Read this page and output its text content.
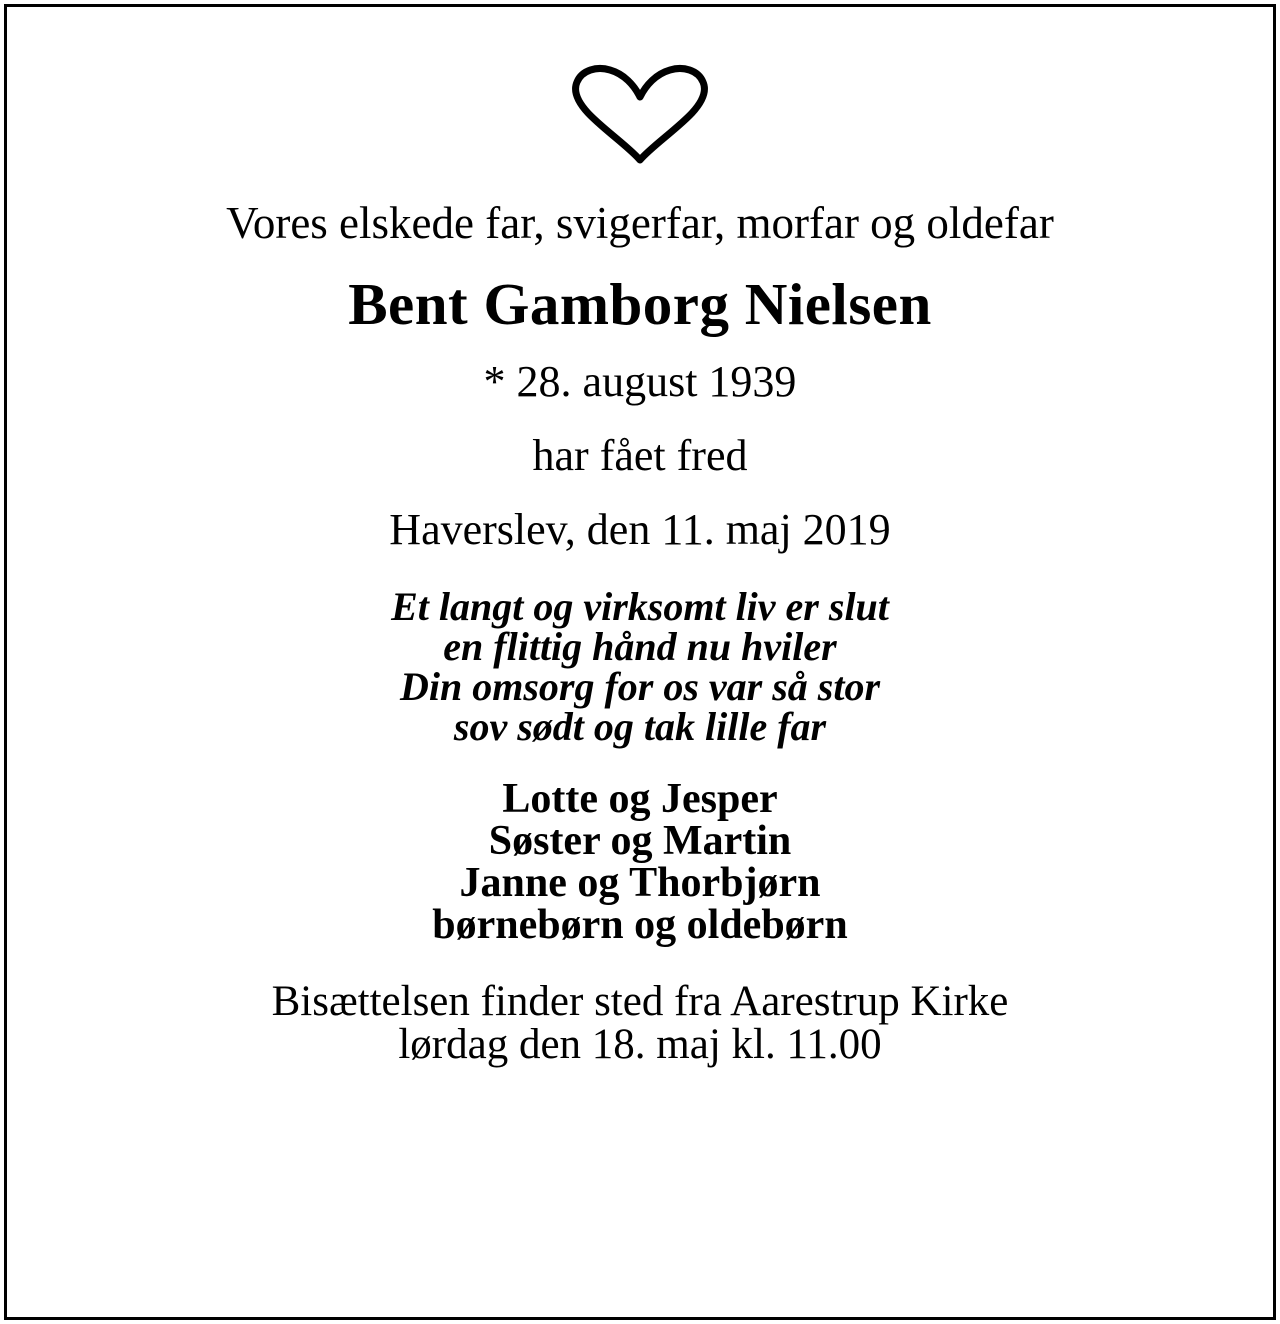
Vores elskede far, svigerfar, morfar og oldefar
Bent Gamborg Nielsen
* 28. august 1939
har fået fred
Haverslev, den 11. maj 2019
Et langt og virksomt liv er slut
en flittig hånd nu hviler
Din omsorg for os var så stor
sov sødt og tak lille far
Lotte og Jesper
Søster og Martin
Janne og Thorbjørn
børnebørn og oldebørn
Bisættelsen finder sted fra Aarestrup Kirke
lørdag den 18. maj kl. 11.00
